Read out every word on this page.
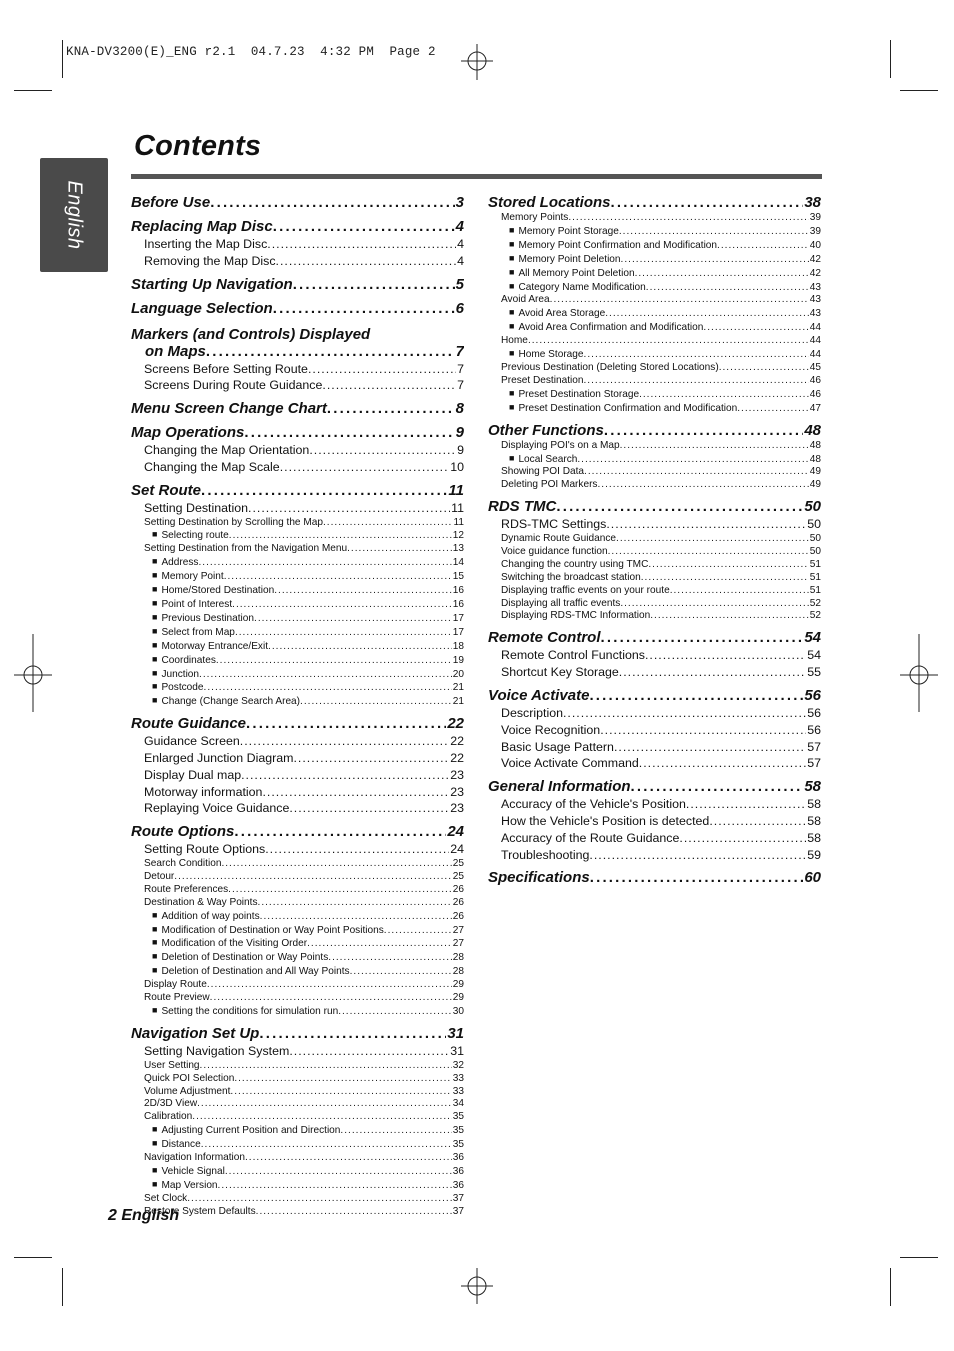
KNA-DV3200(E)_ENG r2.1  04.7.23  4:32 PM  Page 2
English
Contents
Before Use .....	3
Replacing Map Disc .....	4
Inserting the Map Disc .....	4
Removing the Map Disc .....	4
Starting Up Navigation .....	5
Language Selection .....	6
Markers (and Controls) Displayed
on Maps .....	7
Screens Before Setting Route .....	7
Screens During Route Guidance .....	7
Menu Screen Change Chart .....	8
Map Operations .....	9
Changing the Map Orientation .....	9
Changing the Map Scale .....	10
Set Route .....	11
Setting Destination .....	11
Setting Destination by Scrolling the Map .....	11
■ Selecting route .....	12
Setting Destination from the Navigation Menu .....	13
■ Address .....	14
■ Memory Point .....	15
■ Home/Stored Destination .....	16
■ Point of Interest .....	16
■ Previous Destination .....	17
■ Select from Map .....	17
■ Motorway Entrance/Exit .....	18
■ Coordinates .....	19
■ Junction .....	20
■ Postcode .....	21
■ Change (Change Search Area) .....	21
Route Guidance .....	22
Guidance Screen .....	22
Enlarged Junction Diagram .....	22
Display Dual map .....	23
Motorway information .....	23
Replaying Voice Guidance .....	23
Route Options .....	24
Setting Route Options .....	24
Search Condition .....	25
Detour .....	25
Route Preferences .....	26
Destination & Way Points .....	26
■ Addition of way points .....	26
■ Modification of Destination or Way Point Positions .....	27
■ Modification of the Visiting Order .....	27
■ Deletion of Destination or Way Points .....	28
■ Deletion of Destination and All Way Points .....	28
Display Route .....	29
Route Preview .....	29
■ Setting the conditions for simulation run .....	30
Navigation Set Up .....	31
Setting Navigation System .....	31
User Setting .....	32
Quick POI Selection .....	33
Volume Adjustment .....	33
2D/3D View .....	34
Calibration .....	35
■ Adjusting Current Position and Direction .....	35
■ Distance .....	35
Navigation Information .....	36
■ Vehicle Signal .....	36
■ Map Version .....	36
Set Clock .....	37
Restore System Defaults .....	37
Stored Locations .....	38
Memory Points .....	39
■ Memory Point Storage .....	39
■ Memory Point Confirmation and Modification .....	40
■ Memory Point Deletion .....	42
■ All Memory Point Deletion .....	42
■ Category Name Modification .....	43
Avoid Area .....	43
■ Avoid Area Storage .....	43
■ Avoid Area Confirmation and Modification .....	44
Home .....	44
■ Home Storage .....	44
Previous Destination (Deleting Stored Locations) .....	45
Preset Destination .....	46
■ Preset Destination Storage .....	46
■ Preset Destination Confirmation and Modification .....	47
Other Functions .....	48
Displaying POI's on a Map .....	48
■ Local Search .....	48
Showing POI Data .....	49
Deleting POI Markers .....	49
RDS TMC .....	50
RDS-TMC Settings .....	50
Dynamic Route Guidance .....	50
Voice guidance function .....	50
Changing the country using TMC .....	51
Switching the broadcast station .....	51
Displaying traffic events on your route .....	51
Displaying all traffic events .....	52
Displaying RDS-TMC Information .....	52
Remote Control .....	54
Remote Control Functions .....	54
Shortcut Key Storage .....	55
Voice Activate .....	56
Description .....	56
Voice Recognition .....	56
Basic Usage Pattern .....	57
Voice Activate Command .....	57
General Information .....	58
Accuracy of the Vehicle's Position .....	58
How the Vehicle's Position is detected .....	58
Accuracy of the Route Guidance .....	58
Troubleshooting .....	59
Specifications .....	60
2 English
